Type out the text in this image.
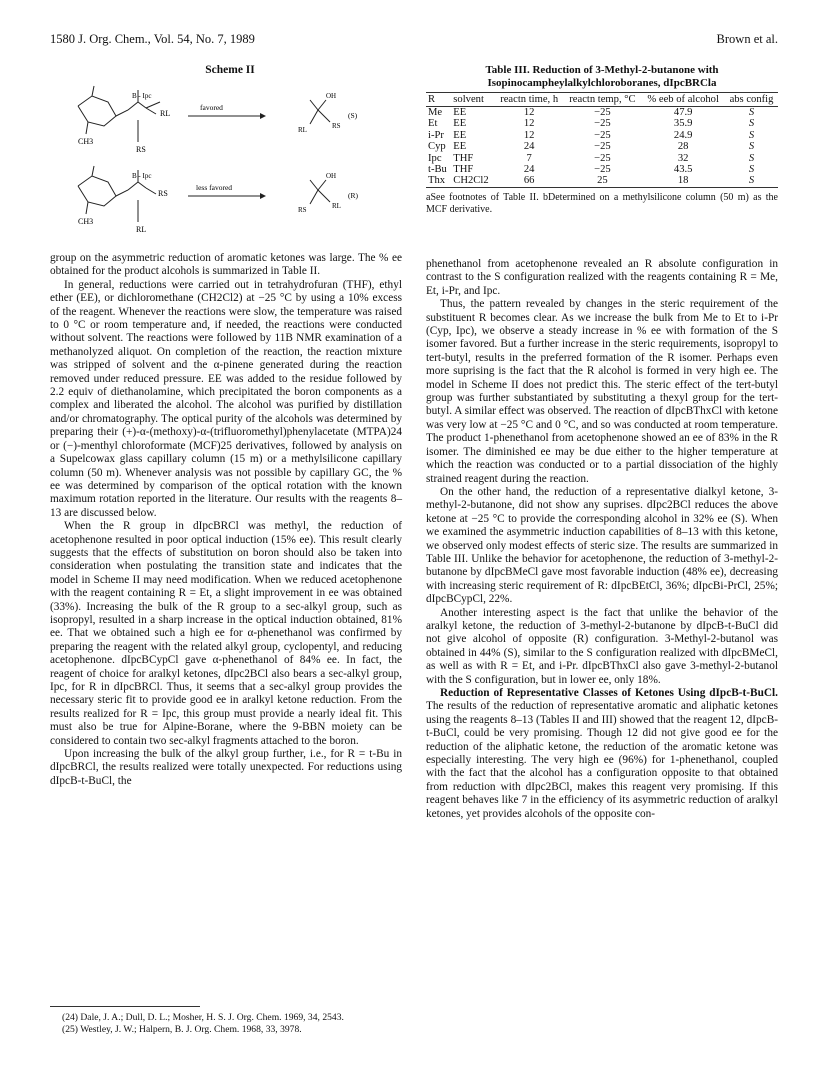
1580 J. Org. Chem., Vol. 54, No. 7, 1989	Brown et al.
Scheme II
CH3
B - Ipc
RL
RS
favored
(S)
OH
RS
RL
CH3
B - Ipc
RS
RL
less favored
(R)
OH
RL
RS
Table III. Reduction of 3-Methyl-2-butanone with Isopinocampheylalkylchloroboranes, dIpcBRCla
R	solvent	reactn time, h	reactn temp, °C	% eeb of alcohol	abs config
Me	EE	12	−25	47.9	S
Et	EE	12	−25	35.9	S
i-Pr	EE	12	−25	24.9	S
Cyp	EE	24	−25	28	S
Ipc	THF	7	−25	32	S
t-Bu	THF	24	−25	43.5	S
Thx	CH2Cl2	66	25	18	S
aSee footnotes of Table II. bDetermined on a methylsilicone column (50 m) as the MCF derivative.

group on the asymmetric reduction of aromatic ketones was large. The % ee obtained for the product alcohols is summarized in Table II.

In general, reductions were carried out in tetrahydrofuran (THF), ethyl ether (EE), or dichloromethane (CH2Cl2) at −25 °C by using a 10% excess of the reagent. Whenever the reactions were slow, the temperature was raised to 0 °C or room temperature and, if needed, the reactions were conducted without solvent. The reactions were followed by 11B NMR examination of a methanolyzed aliquot. On completion of the reaction, the reaction mixture was stripped of solvent and the α-pinene generated during the reaction removed under reduced pressure. EE was added to the residue followed by 2.2 equiv of diethanolamine, which precipitated the boron components as a complex and liberated the alcohol. The alcohol was purified by distillation and/or chromatography. The optical purity of the alcohols was determined by preparing their (+)-α-(methoxy)-α-(trifluoromethyl)phenylacetate (MTPA)24 or (−)-menthyl chloroformate (MCF)25 derivatives, followed by analysis on a Supelcowax glass capillary column (15 m) or a methylsilicone capillary column (50 m). Whenever analysis was not possible by capillary GC, the % ee was determined by comparison of the optical rotation with the known maximum rotation reported in the literature. Our results with the reagents 8–13 are discussed below.

When the R group in dIpcBRCl was methyl, the reduction of acetophenone resulted in poor optical induction (15% ee). This result clearly suggests that the effects of substitution on boron should also be taken into consideration when postulating the transition state and indicates that the model in Scheme II may need modification. When we reduced acetophenone with the reagent containing R = Et, a slight improvement in ee was obtained (33%). Increasing the bulk of the R group to a sec-alkyl group, such as isopropyl, resulted in a sharp increase in the optical induction obtained, 81% ee. That we obtained such a high ee for α-phenethanol was confirmed by preparing the reagent with the related alkyl group, cyclopentyl, and reducing acetophenone. dIpcBCypCl gave α-phenethanol of 84% ee. In fact, the reagent of choice for aralkyl ketones, dIpc2BCl also bears a sec-alkyl group, Ipc, for R in dIpcBRCl. Thus, it seems that a sec-alkyl group provides the necessary steric fit to provide good ee in aralkyl ketone reduction. From the results realized for R = Ipc, this group must provide a nearly ideal fit. This must also be true for Alpine-Borane, where the 9-BBN moiety can be considered to contain two sec-alkyl fragments attached to the boron.

Upon increasing the bulk of the alkyl group further, i.e., for R = t-Bu in dIpcBRCl, the results realized were totally unexpected. For reductions using dIpcB-t-BuCl, the

phenethanol from acetophenone revealed an R absolute configuration in contrast to the S configuration realized with the reagents containing R = Me, Et, i-Pr, and Ipc.

Thus, the pattern revealed by changes in the steric requirement of the substituent R becomes clear. As we increase the bulk from Me to Et to i-Pr (Cyp, Ipc), we observe a steady increase in % ee with formation of the S isomer favored. But a further increase in the steric requirements, isopropyl to tert-butyl, results in the preferred formation of the R isomer. Perhaps even more suprising is the fact that the R alcohol is formed in very high ee. The model in Scheme II does not predict this. The steric effect of the tert-butyl group was further substantiated by substituting a thexyl group for the tert-butyl. A similar effect was observed. The reaction of dIpcBThxCl with ketone was very low at −25 °C and 0 °C, and so was conducted at room temperature. The product 1-phenethanol from acetophenone showed an ee of 83% in the R isomer. The diminished ee may be due either to the higher temperature at which the reaction was conducted or to a partial dissociation of the highly strained reagent during the reaction.

On the other hand, the reduction of a representative dialkyl ketone, 3-methyl-2-butanone, did not show any suprises. dIpc2BCl reduces the above ketone at −25 °C to provide the corresponding alcohol in 32% ee (S). When we examined the asymmetric induction capabilities of 8–13 with this ketone, we observed only modest effects of steric size. The results are summarized in Table III. Unlike the behavior for acetophenone, the reduction of 3-methyl-2-butanone by dIpcBMeCl gave most favorable induction (48% ee), decreasing with increasing steric requirement of R: dIpcBEtCl, 36%; dIpcBi-PrCl, 25%; dIpcBCypCl, 22%.

Another interesting aspect is the fact that unlike the behavior of the aralkyl ketone, the reduction of 3-methyl-2-butanone by dIpcB-t-BuCl did not give alcohol of opposite (R) configuration. 3-Methyl-2-butanol was obtained in 44% (S), similar to the S configuration realized with dIpcBMeCl, as well as with R = Et, and i-Pr. dIpcBThxCl also gave 3-methyl-2-butanol with the S configuration, but in lower ee, only 18%.

Reduction of Representative Classes of Ketones Using dIpcB-t-BuCl. The results of the reduction of representative aromatic and aliphatic ketones using the reagents 8–13 (Tables II and III) showed that the reagent 12, dIpcB-t-BuCl, could be very promising. Though 12 did not give good ee for the reduction of the aliphatic ketone, the reduction of the aromatic ketone was especially interesting. The very high ee (96%) for 1-phenethanol, coupled with the fact that the alcohol has a configuration opposite to that obtained from reduction with dIpc2BCl, makes this reagent very promising. If this reagent behaves like 7 in the efficiency of its asymmetric reduction of aralkyl ketones, yet provides alcohols of the opposite con-

(24) Dale, J. A.; Dull, D. L.; Mosher, H. S. J. Org. Chem. 1969, 34, 2543.
(25) Westley, J. W.; Halpern, B. J. Org. Chem. 1968, 33, 3978.
